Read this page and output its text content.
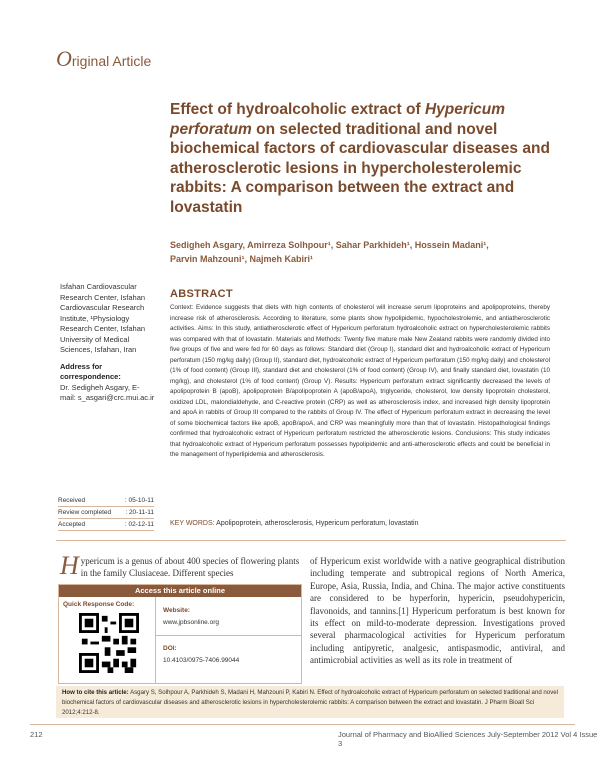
Original Article
Effect of hydroalcoholic extract of Hypericum perforatum on selected traditional and novel biochemical factors of cardiovascular diseases and atherosclerotic lesions in hypercholesterolemic rabbits: A comparison between the extract and lovastatin
Sedigheh Asgary, Amirreza Solhpour¹, Sahar Parkhideh¹, Hossein Madani¹,
Parvin Mahzouni¹, Najmeh Kabiri¹
Isfahan Cardiovascular Research Center, Isfahan Cardiovascular Research Institute, ¹Physiology Research Center, Isfahan University of Medical Sciences, Isfahan, Iran
Address for correspondence:
Dr. Sedigheh Asgary, E-mail: s_asgari@crc.mui.ac.ir
ABSTRACT
Context: Evidence suggests that diets with high contents of cholesterol will increase serum lipoproteins and apolipoproteins, thereby increase risk of atherosclerosis. According to literature, some plants show hypolipidemic, hypocholestrolemic, and antiatherosclerotic activities. Aims: In this study, antiatherosclerotic effect of Hypericum perforatum hydroalcoholic extract on hypercholesterolemic rabbits was compared with that of lovastatin. Materials and Methods: Twenty five mature male New Zealand rabbits were randomly divided into five groups of five and were fed for 60 days as follows: Standard diet (Group I), standard diet and hydroalcoholic extract of Hypericum perforatum (150 mg/kg daily) (Group II), standard diet, hydroalcoholic extract of Hypericum perforatum (150 mg/kg daily) and cholesterol (1% of food content) (Group III), standard diet and cholesterol (1% of food content) (Group IV), and finally standard diet, lovastatin (10 mg/kg), and cholesterol (1% of food content) (Group V). Results: Hypericum perforatum extract significantly decreased the levels of apolipoprotein B (apoB), apolipoprotein B/apolipoprotein A (apoB/apoA), triglyceride, cholesterol, low density lipoprotein cholesterol, oxidized LDL, malondialdehyde, and C-reactive protein (CRP) as well as atherosclerosis index, and increased high density lipoprotein and apoA in rabbits of Group III compared to the rabbits of Group IV. The effect of Hypericum perforatum extract in decreasing the level of some biochemical factors like apoB, apoB/apoA, and CRP was meaningfully more than that of lovastatin. Histopathological findings confirmed that hydroalcoholic extract of Hypericum perforatum restricted the atherosclerotic lesions. Conclusions: This study indicates that hydroalcoholic extract of Hypericum perforatum possesses hypolipidemic and anti-atherosclerotic effects and could be beneficial in the management of hyperlipidemia and atherosclerosis.
Received	: 05-10-11
Review completed	: 20-11-11
Accepted	: 02-12-11 KEY WORDS: Apolipoprotein, atherosclerosis, Hypericum perforatum, lovastatin
Hypericum is a genus of about 400 species of flowering plants in the family Clusiaceae. Different species
of Hypericum exist worldwide with a native geographical distribution including temperate and subtropical regions of North America, Europe, Asia, Russia, India, and China. The major active constituents are considered to be hyperforin, hypericin, pseudohypericin, flavonoids, and tannins.[1] Hypericum perforatum is best known for its effect on mild-to-moderate depression. Investigations proved several pharmacological activities for Hypericum perforatum including antipyretic, analgesic, antispasmodic, antiviral, and antimicrobial activities as well as its role in treatment of
Access this article online
Quick Response Code:
Website:
www.jpbsonline.org
DOI:
10.4103/0975-7406.99044
How to cite this article: Asgary S, Solhpour A, Parkhideh S, Madani H, Mahzouni P, Kabiri N. Effect of hydroalcoholic extract of Hypericum perforatum on selected traditional and novel biochemical factors of cardiovascular diseases and atherosclerotic lesions in hypercholesterolemic rabbits: A comparison between the extract and lovastatin. J Pharm Bioall Sci 2012;4:212-8.
212	Journal of Pharmacy and BioAllied Sciences July-September 2012 Vol 4 Issue 3
